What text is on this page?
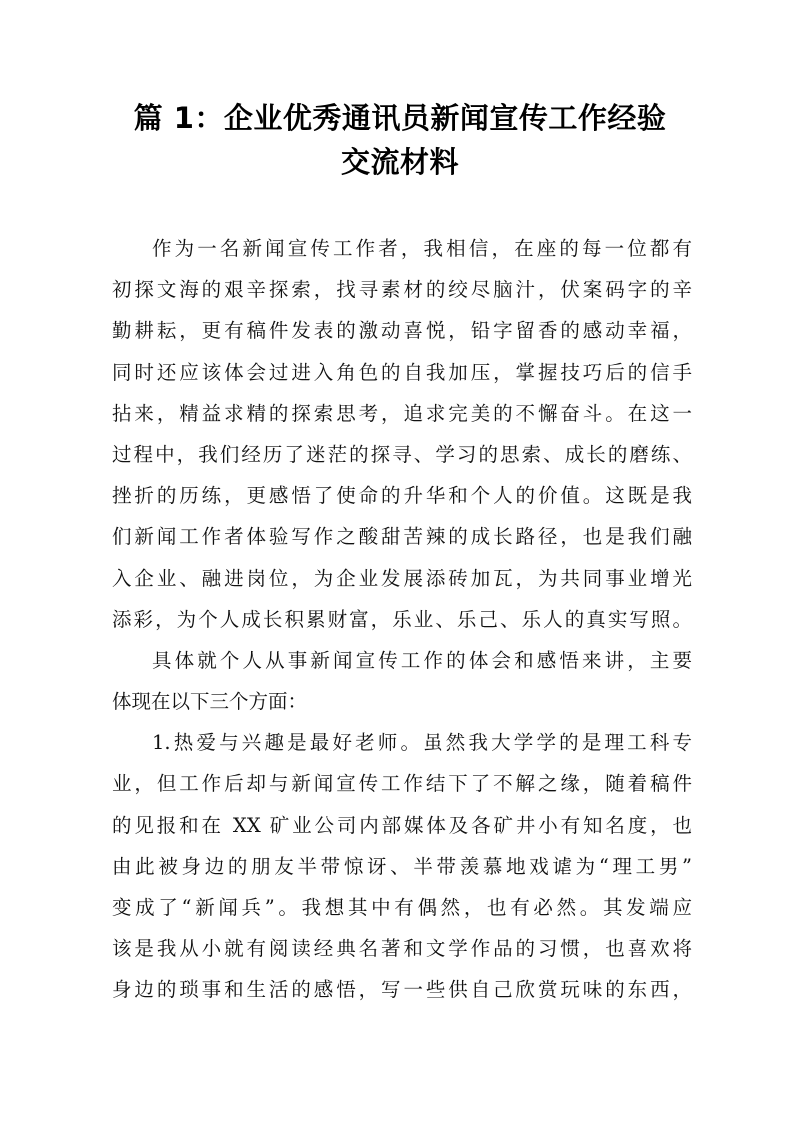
篇 1：企业优秀通讯员新闻宣传工作经验
交流材料
作为一名新闻宣传工作者，我相信，在座的每一位都有
初探文海的艰辛探索，找寻素材的绞尽脑汁，伏案码字的辛
勤耕耘，更有稿件发表的激动喜悦，铅字留香的感动幸福，
同时还应该体会过进入角色的自我加压，掌握技巧后的信手
拈来，精益求精的探索思考，追求完美的不懈奋斗。在这一
过程中，我们经历了迷茫的探寻、学习的思索、成长的磨练、
挫折的历练，更感悟了使命的升华和个人的价值。这既是我
们新闻工作者体验写作之酸甜苦辣的成长路径，也是我们融
入企业、融进岗位，为企业发展添砖加瓦，为共同事业增光
添彩，为个人成长积累财富，乐业、乐己、乐人的真实写照。
具体就个人从事新闻宣传工作的体会和感悟来讲，主要
体现在以下三个方面：
1.热爱与兴趣是最好老师。虽然我大学学的是理工科专
业，但工作后却与新闻宣传工作结下了不解之缘，随着稿件
的见报和在 XX 矿业公司内部媒体及各矿井小有知名度，也
由此被身边的朋友半带惊讶、半带羡慕地戏谑为“理工男”
变成了“新闻兵”。我想其中有偶然，也有必然。其发端应
该是我从小就有阅读经典名著和文学作品的习惯，也喜欢将
身边的琐事和生活的感悟，写一些供自己欣赏玩味的东西，
